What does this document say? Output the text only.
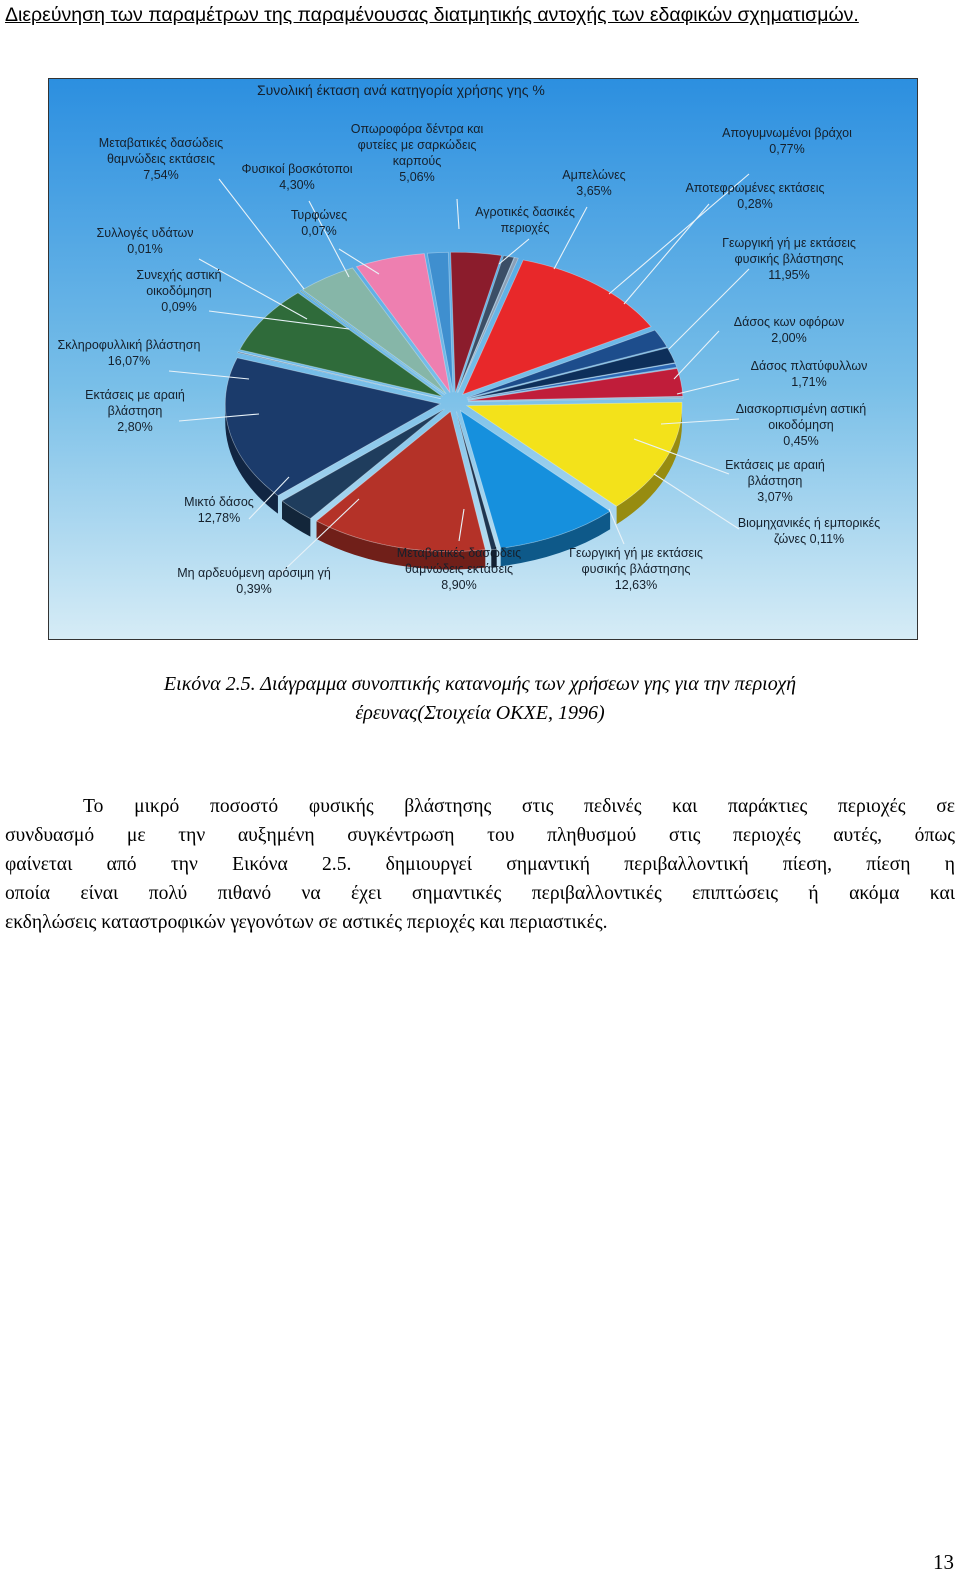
Διερεύνηση των παραμέτρων της παραμένουσας διατμητικής αντοχής των εδαφικών σχηματισμών.
Συνολική έκταση ανά κατηγορία χρήσης γης %
Οπωροφόρα δέντρα και φυτείες με σαρκώδεις καρπούς 5,06%
Απογυμνωμένοι βράχοι 0,77%
Μεταβατικές δασώδεις θαμνώδεις εκτάσεις 7,54%	Φυσικοί βοσκότοποι 4,30%
Αμπελώνες 3,65%	Αποτεφρωμένες εκτάσεις 0,28%
Αγροτικές δασικές περιοχές
Τυρφώνες 0,07%
Συλλογές υδάτων 0,01%	Γεωργική γή με εκτάσεις φυσικής βλάστησης 11,95%
Συνεχής αστική οικοδόμηση 0,09%
Δάσος κων οφόρων 2,00%
Σκληροφυλλική βλάστηση 16,07%	Δάσος πλατύφυλλων 1,71%
Εκτάσεις με αραιή βλάστηση 2,80%
Διασκορπισμένη αστική οικοδόμηση 0,45%
Εκτάσεις με αραιή βλάστηση 3,07%
Μικτό δάσος 12,78%	Βιομηχανικές ή εμπορικές ζώνες 0,11%
Μεταβατικές δασώδεις θαμνώδεις εκτάσεις 8,90%
Μη αρδευόμενη αρόσιμη γή 0,39%
Γεωργική γή με εκτάσεις φυσικής βλάστησης 12,63%
Εικόνα 2.5. Διάγραμμα συνοπτικής κατανομής των χρήσεων γης για την περιοχή
έρευνας(Στοιχεία ΟΚΧΕ, 1996)
Το μικρό ποσοστό φυσικής βλάστησης στις πεδινές και παράκτιες περιοχές σε
συνδυασμό με την αυξημένη συγκέντρωση του πληθυσμού στις περιοχές αυτές, όπως
φαίνεται από την Εικόνα 2.5. δημιουργεί σημαντική περιβαλλοντική πίεση, πίεση η
οποία είναι πολύ πιθανό να έχει σημαντικές περιβαλλοντικές επιπτώσεις ή ακόμα και
εκδηλώσεις καταστροφικών γεγονότων σε αστικές περιοχές και περιαστικές.
13
